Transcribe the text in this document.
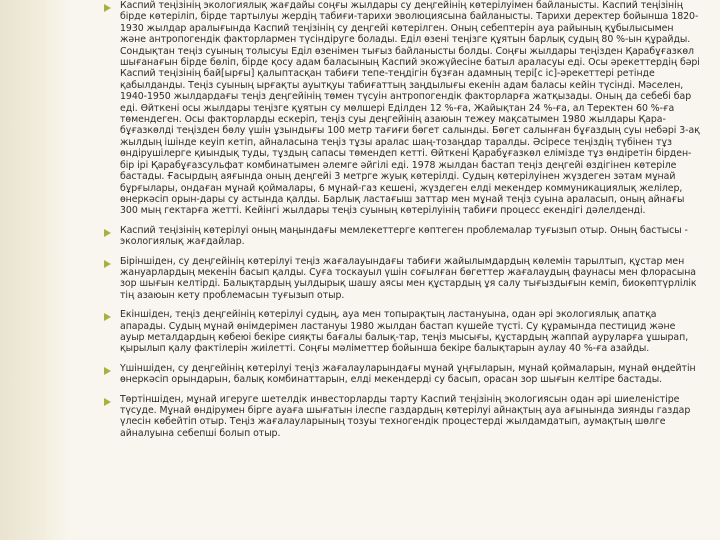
Каспий теңізінің экологиялық жағдайы соңғы жылдары су деңгейінің көтерілуімен байланысты. Каспий теңізінің бірде көтеріліп, бірде тартылуы жердің табиғи-тарихи эволюциясына байланысты. Тарихи деректер бойынша 1820-1930 жылдар аралығында Каспий теңізінің су деңгейі көтерілген. Оның себептерін ауа райының құбылысымен және антропогендік факторлармен түсіндіруге болады. Еділ өзені теңізге құятын барлық судың 80 %-ын құрайды. Сондықтан теңіз суының толысуы Еділ өзенімен тығыз байланысты болды. Соңғы жылдары теңізден Қарабұғазкөл шығанағын бірде бөліп, бірде қосу адам баласының Каспий экожүйесіне батыл араласуы еді. Осы әрекеттердің бәрі Каспий теңізінің бай[ырғы] қалыптасқан табиғи тепе-теңдігін бұзған адамның тері[с іс]-әрекеттері ретінде қабылданды. Теңіз суының ырғақты ауытқуы табиғаттың заңдылығы екенін адам баласы кейін түсінді. Мәселен, 1940-1950 жылдардағы теңіз деңгейінің төмен түсуін антропогендік факторларға жатқызады. Оның да себебі бар еді. Өйткені осы жылдары теңізге құятын су мөлшері Еділден 12 %-ға, Жайықтан 24 %-ға, ал Теректен 60 %-ға төмендеген. Осы факторларды ескеріп, теңіз суы деңгейінің азаюын тежеу мақсатымен 1980 жылдары Қара-бұғазкөлді теңізден бөлу үшін ұзындығы 100 метр тағиғи бөгет салынды. Бөгет салынған бұғаздың суы небәрі 3-ақ жылдың ішінде кеуіп кетіп, айналасына теңіз тұзы аралас шаң-тозаңдар таралды. Әсіресе теңіздің түбінен тұз өндірушілерге қиындық туды, тұздың сапасы төмендеп кетті. Өйткені Қарабұғазкөл елімізде тұз өндіретін бірден-бір ірі Қарабұғазсульфат комбинатымен әлемге әйгілі еді. 1978 жылдан бастап теңіз деңгейі өздігінен көтеріле бастады. Ғасырдың аяғында оның деңгейі 3 метрге жуық көтерілді. Судың көтерілуінен жүздеген зәтам мұнай бұрғылары, ондаған мұнай қоймалары, 6 мұнай-газ кешені, жүздеген елді мекендер коммуникациялық желілер, өнеркәсіп орын-дары су астында қалды. Барлық ластағыш заттар мен мұнай теңіз суына араласып, оның айнағы 300 мың гектарға жетті. Кейінгі жылдары теңіз суының көтерілуінің табиғи процесс екендігі дәлелденді.
Каспий теңізінің көтерілуі оның маңындағы мемлекеттерге көптеген проблемалар туғызып отыр. Оның бастысы - экологиялық жағдайлар.
Біріншіден, су деңгейінің көтерілуі теңіз жағалауындағы табиғи жайылымдардың көлемін тарылтып, құстар мен жануарлардың мекенін басып қалды. Суға тоскауыл үшін соғылған бөгеттер жағалаудың фаунасы мен флорасына зор шығын келтірді. Балықтардың уылдырық шашу аясы мен құстардың ұя салу тығыздығын кеміп, биокөптүрлілік тің азаюын кету проблемасын туғызып отыр.
Екіншіден, теңіз деңгейінің көтерілуі судың, ауа мен топырақтың ластануына, одан әрі экологиялық апатқа апарады. Судың мұнай өнімдерімен ластануы 1980 жылдан бастап күшейе түсті. Су құрамында пестицид және ауыр металдардың көбеюі бекіре сияқты бағалы балық-тар, теңіз мысығы, құстардың жаппай ауруларға ұшырап, қырылып қалу фактілерін жиілетті. Соңғы мәліметтер бойынша бекіре балықтарын аулау 40 %-ға азайды.
Үшіншіден, су деңгейінің көтерілуі теңіз жағалауларындағы мұнай ұңғыларын, мұнай қоймаларын, мұнай өңдейтін өнеркәсіп орындарын, балық комбинаттарын, елді мекендерді су басып, орасан зор шығын келтіре бастады.
Төртіншіден, мұнай игеруге шетелдік инвесторларды тарту Каспий теңізінің экологиясын одан әрі шиеленістіре түсуде. Мұнай өндірумен бірге ауаға шығатын ілеспе газдардың көтерілуі айнақтың ауа ағынында зиянды газдар үлесін көбейтіп отыр. Теңіз жағалауларының тозуы техногендік процестерді жылдамдатып, аумақтың шөлге айналуына себепші болып отыр.
